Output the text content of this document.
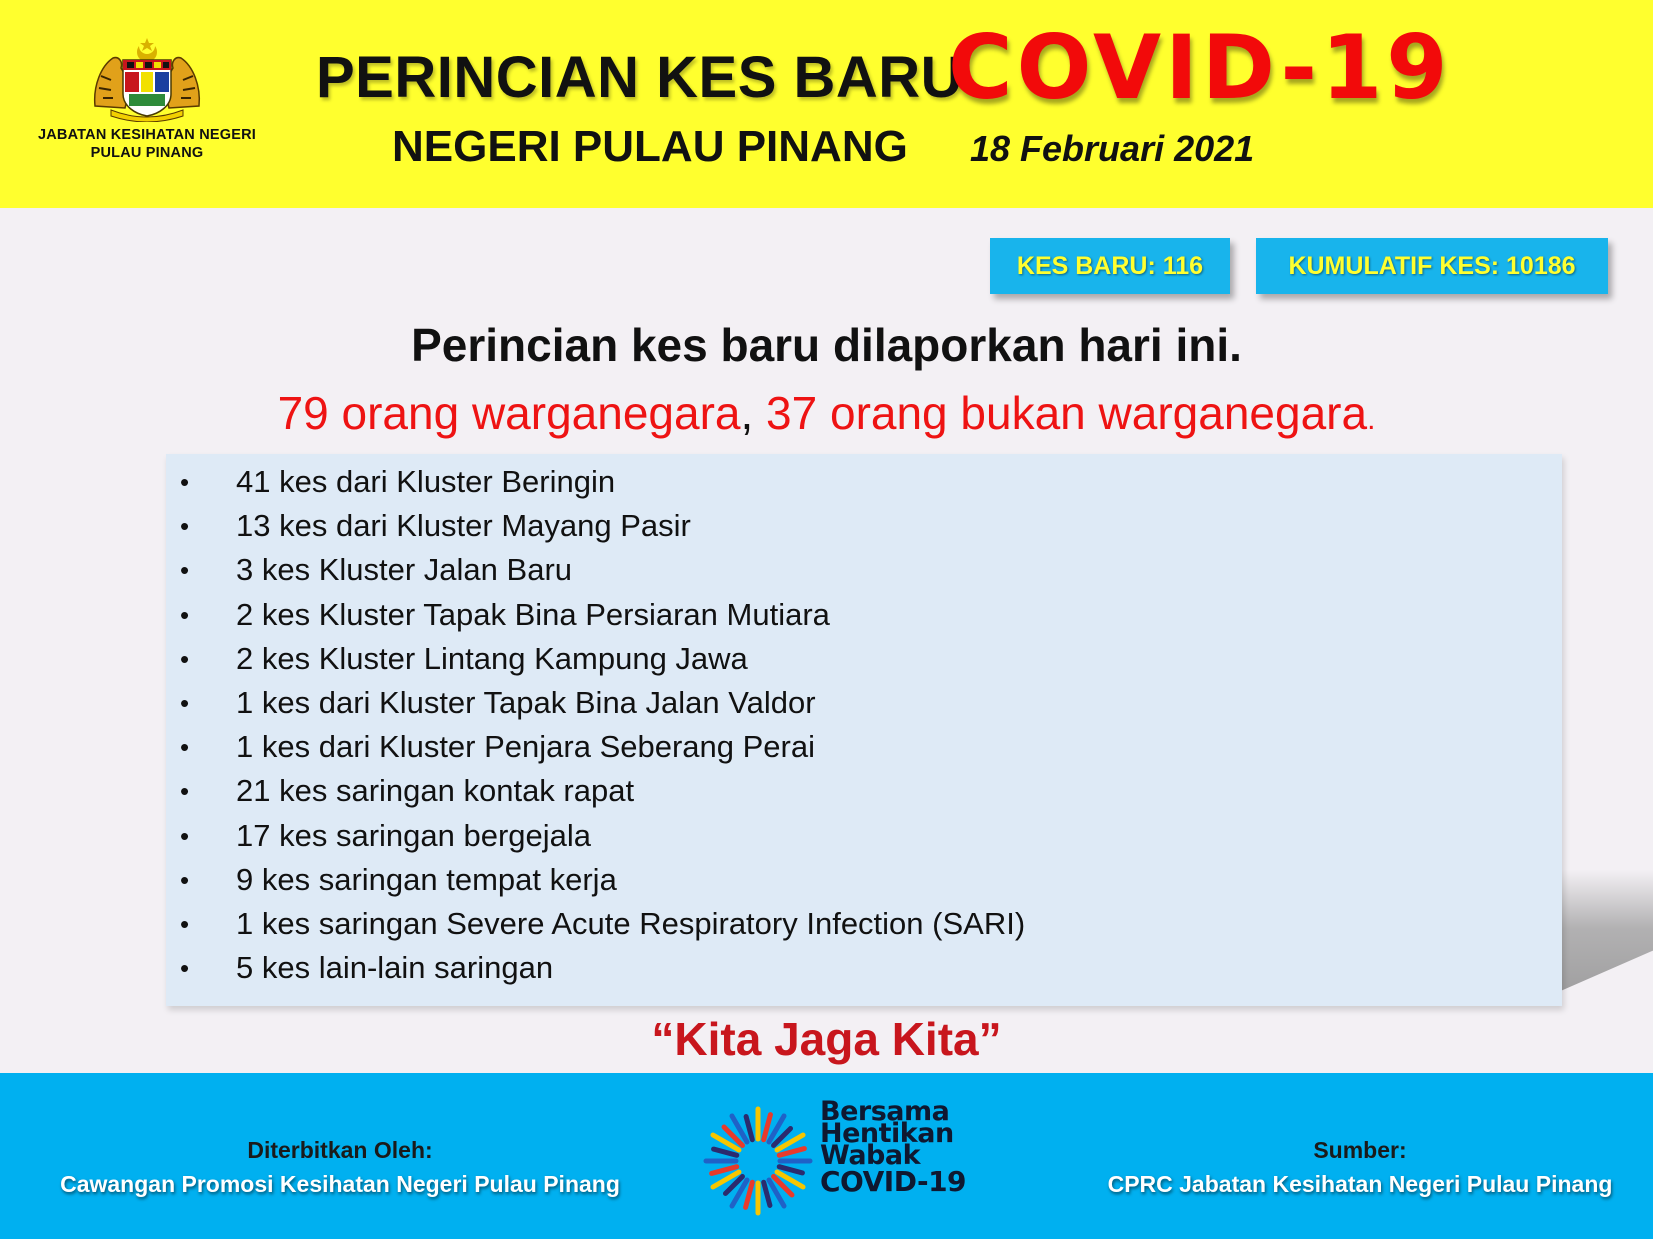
JABATAN KESIHATAN NEGERI
PULAU PINANG
PERINCIAN KES BARU
COVID-19
NEGERI PULAU PINANG 18 Februari 2021
KES BARU: 116	KUMULATIF KES: 10186
Perincian kes baru dilaporkan hari ini.
79 orang warganegara, 37 orang bukan warganegara.
• 41 kes dari Kluster Beringin
• 13 kes dari Kluster Mayang Pasir
• 3 kes Kluster Jalan Baru
• 2 kes Kluster Tapak Bina Persiaran Mutiara
• 2 kes Kluster Lintang Kampung Jawa
• 1 kes dari Kluster Tapak Bina Jalan Valdor
• 1 kes dari Kluster Penjara Seberang Perai
• 21 kes saringan kontak rapat
• 17 kes saringan bergejala
• 9 kes saringan tempat kerja
• 1 kes saringan Severe Acute Respiratory Infection (SARI)
• 5 kes lain-lain saringan
“Kita Jaga Kita”
Diterbitkan Oleh:
Cawangan Promosi Kesihatan Negeri Pulau Pinang
Bersama
Hentikan
Wabak
COVID-19
Sumber:
CPRC Jabatan Kesihatan Negeri Pulau Pinang
